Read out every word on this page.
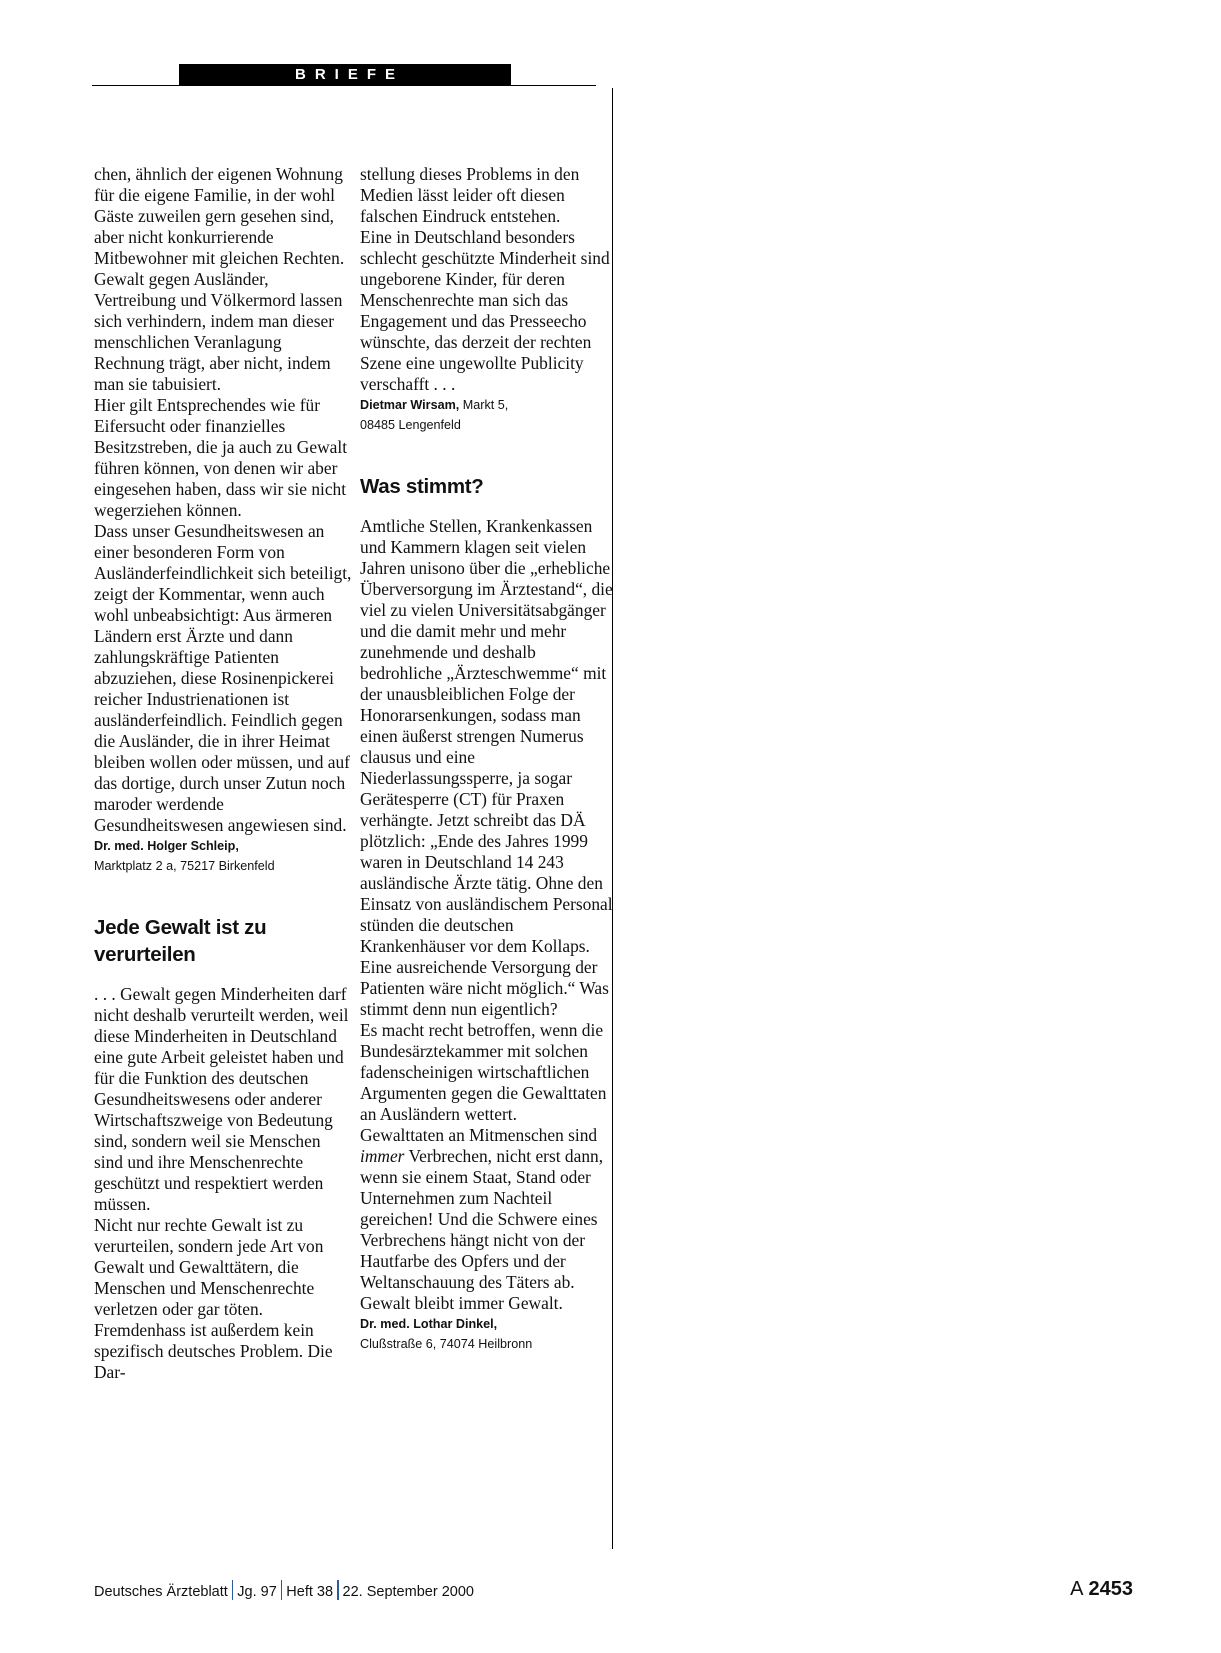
BRIEFE

chen, ähnlich der eigenen Wohnung für die eigene Familie, in der wohl Gäste zuweilen gern gesehen sind, aber nicht konkurrierende Mitbewohner mit gleichen Rechten. Gewalt gegen Ausländer, Vertreibung und Völkermord lassen sich verhindern, indem man dieser menschlichen Veranlagung Rechnung trägt, aber nicht, indem man sie tabuisiert.

Hier gilt Entsprechendes wie für Eifersucht oder finanzielles Besitzstreben, die ja auch zu Gewalt führen können, von denen wir aber eingesehen haben, dass wir sie nicht wegerziehen können.

Dass unser Gesundheitswesen an einer besonderen Form von Ausländerfeindlichkeit sich beteiligt, zeigt der Kommentar, wenn auch wohl unbeabsichtigt: Aus ärmeren Ländern erst Ärzte und dann zahlungskräftige Patienten abzuziehen, diese Rosinenpickerei reicher Industrienationen ist ausländerfeindlich. Feindlich gegen die Ausländer, die in ihrer Heimat bleiben wollen oder müssen, und auf das dortige, durch unser Zutun noch maroder werdende Gesundheitswesen angewiesen sind.

Dr. med. Holger Schleip,
Marktplatz 2 a, 75217 Birkenfeld
Jede Gewalt ist zu verurteilen

. . . Gewalt gegen Minderheiten darf nicht deshalb verurteilt werden, weil diese Minderheiten in Deutschland eine gute Arbeit geleistet haben und für die Funktion des deutschen Gesundheitswesens oder anderer Wirtschaftszweige von Bedeutung sind, sondern weil sie Menschen sind und ihre Menschenrechte geschützt und respektiert werden müssen.

Nicht nur rechte Gewalt ist zu verurteilen, sondern jede Art von Gewalt und Gewalttätern, die Menschen und Menschenrechte verletzen oder gar töten. Fremdenhass ist außerdem kein spezifisch deutsches Problem. Die Dar-

stellung dieses Problems in den Medien lässt leider oft diesen falschen Eindruck entstehen.

Eine in Deutschland besonders schlecht geschützte Minderheit sind ungeborene Kinder, für deren Menschenrechte man sich das Engagement und das Presseecho wünschte, das derzeit der rechten Szene eine ungewollte Publicity verschafft . . .

Dietmar Wirsam, Markt 5,
08485 Lengenfeld
Was stimmt?

Amtliche Stellen, Krankenkassen und Kammern klagen seit vielen Jahren unisono über die „erhebliche Überversorgung im Ärztestand“, die viel zu vielen Universitätsabgänger und die damit mehr und mehr zunehmende und deshalb bedrohliche „Ärzteschwemme“ mit der unausbleiblichen Folge der Honorarsenkungen, sodass man einen äußerst strengen Numerus clausus und eine Niederlassungssperre, ja sogar Gerätesperre (CT) für Praxen verhängte. Jetzt schreibt das DÄ plötzlich: „Ende des Jahres 1999 waren in Deutschland 14 243 ausländische Ärzte tätig. Ohne den Einsatz von ausländischem Personal stünden die deutschen Krankenhäuser vor dem Kollaps. Eine ausreichende Versorgung der Patienten wäre nicht möglich.“ Was stimmt denn nun eigentlich?

Es macht recht betroffen, wenn die Bundesärztekammer mit solchen fadenscheinigen wirtschaftlichen Argumenten gegen die Gewalttaten an Ausländern wettert.

Gewalttaten an Mitmenschen sind immer Verbrechen, nicht erst dann, wenn sie einem Staat, Stand oder Unternehmen zum Nachteil gereichen! Und die Schwere eines Verbrechens hängt nicht von der Hautfarbe des Opfers und der Weltanschauung des Täters ab. Gewalt bleibt immer Gewalt.

Dr. med. Lothar Dinkel,
Clußstraße 6, 74074 Heilbronn
Deutsches Ärzteblatt Jg. 97 Heft 38 22. September 2000	A 2453
